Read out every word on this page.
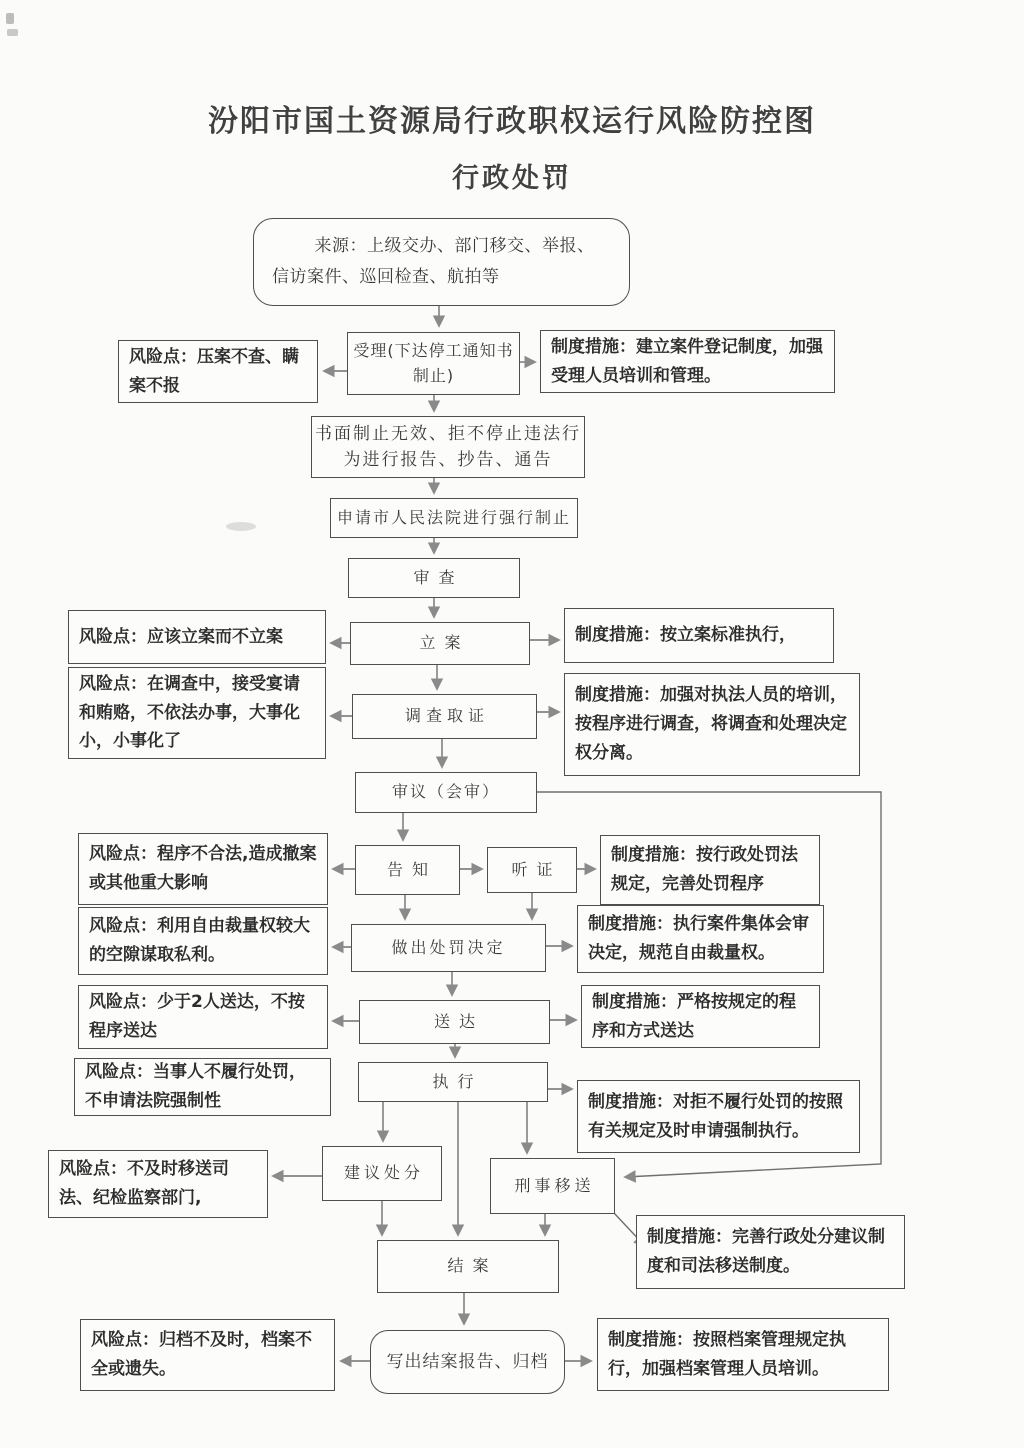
汾阳市国土资源局行政职权运行风险防控图
行政处罚
来源：上级交办、部门移交、举报、信访案件、巡回检查、航拍等
风险点：压案不查、瞒案不报
受理(下达停工通知书制止)
制度措施：建立案件登记制度，加强受理人员培训和管理。
书面制止无效、拒不停止违法行为进行报告、抄告、通告
申请市人民法院进行强行制止
审查
风险点：应该立案而不立案	立案	制度措施：按立案标准执行，
风险点：在调查中，接受宴请和贿赂，不依法办事，大事化小，小事化了
调查取证
制度措施：加强对执法人员的培训，按程序进行调查，将调查和处理决定权分离。
审议（会审）
风险点：程序不合法,造成撤案或其他重大影响
告知	听证
制度措施：按行政处罚法规定，完善处罚程序
风险点：利用自由裁量权较大的空隙谋取私利。	做出处罚决定
制度措施：执行案件集体会审决定，规范自由裁量权。
风险点：少于2人送达，不按程序送达	送达
制度措施：严格按规定的程序和方式送达
风险点：当事人不履行处罚，不申请法院强制性
执行
制度措施：对拒不履行处罚的按照有关规定及时申请强制执行。
风险点：不及时移送司法、纪检监察部门,
建议处分
刑事移送
制度措施：完善行政处分建议制度和司法移送制度。
结案
风险点：归档不及时，档案不全或遗失。	写出结案报告、归档
制度措施：按照档案管理规定执行，加强档案管理人员培训。
